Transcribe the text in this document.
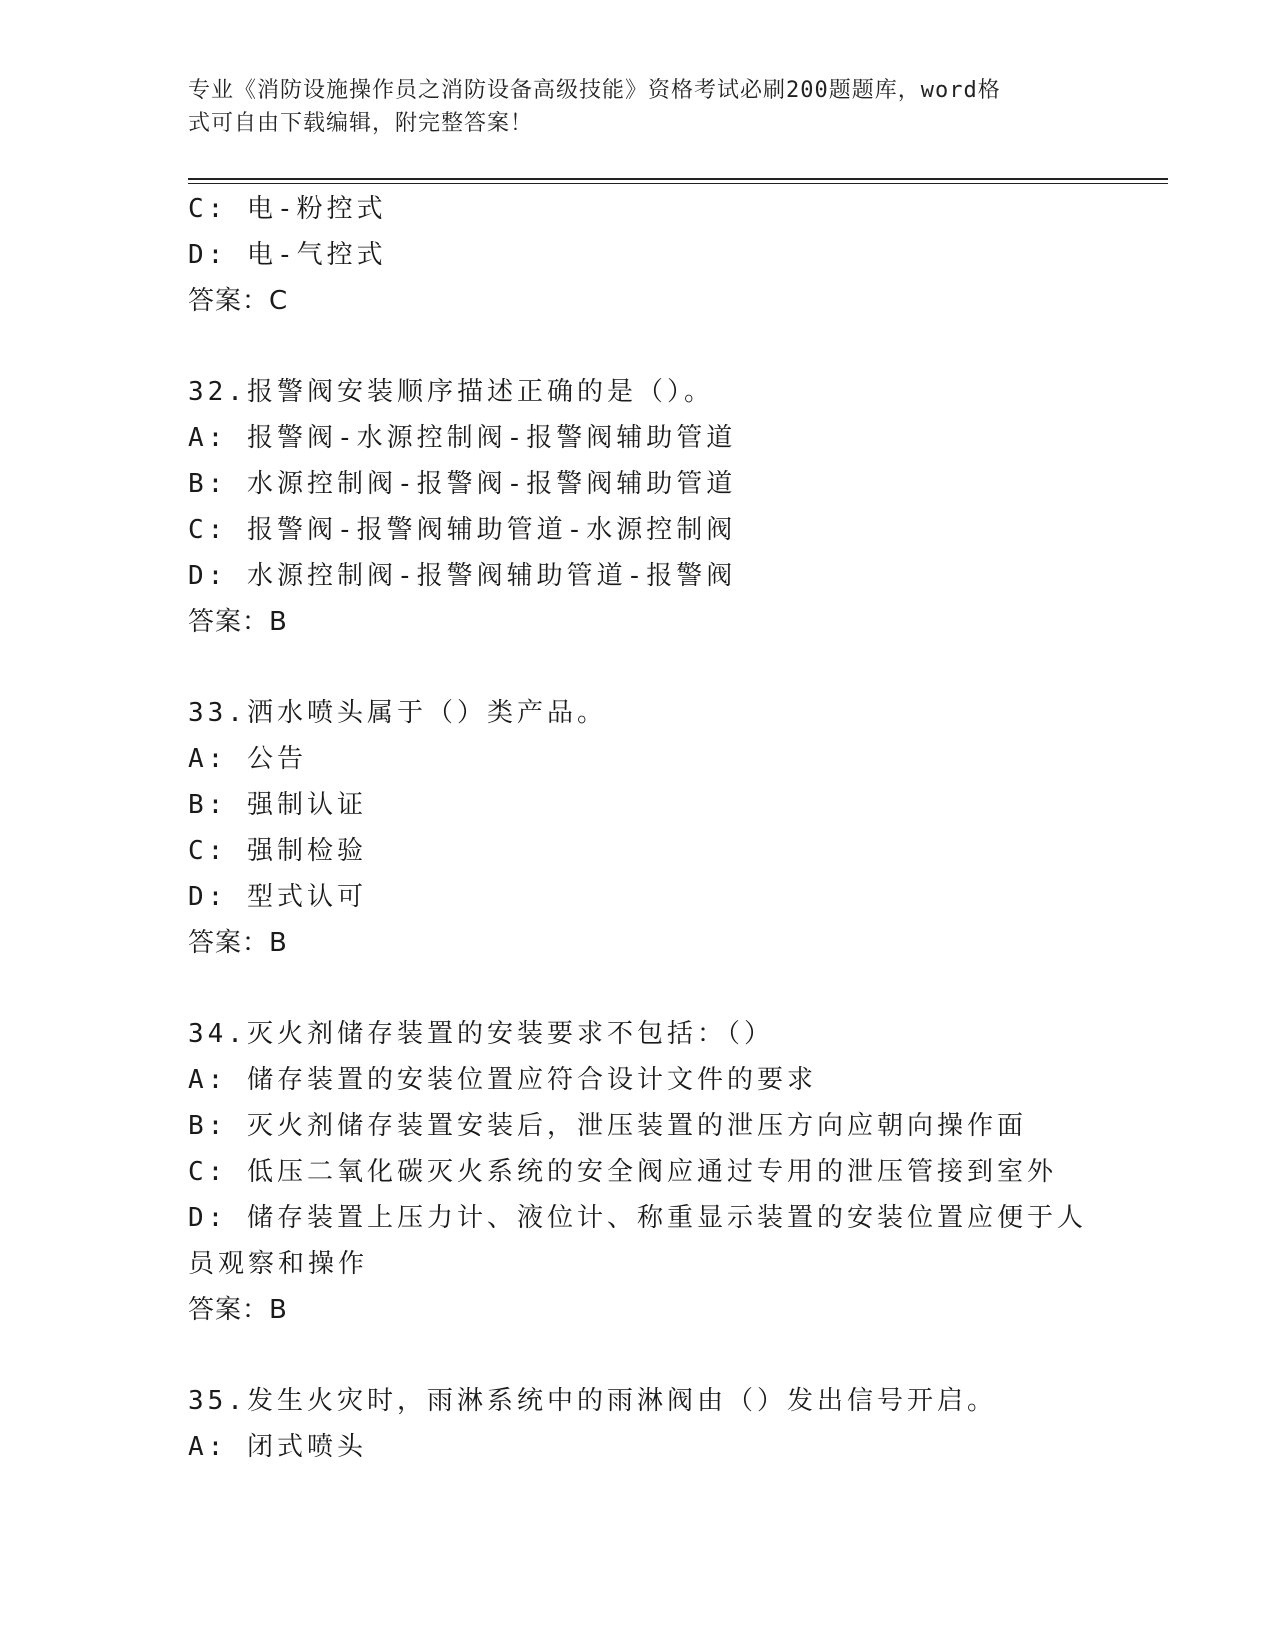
专业《消防设施操作员之消防设备高级技能》资格考试必刷200题题库，word格
式可自由下载编辑，附完整答案！

C: 电-粉控式

D: 电-气控式

答案：C

32.报警阀安装顺序描述正确的是（）。

A: 报警阀-水源控制阀-报警阀辅助管道

B: 水源控制阀-报警阀-报警阀辅助管道

C: 报警阀-报警阀辅助管道-水源控制阀

D: 水源控制阀-报警阀辅助管道-报警阀

答案：B

33.洒水喷头属于（）类产品。

A: 公告

B: 强制认证

C: 强制检验

D: 型式认可

答案：B

34.灭火剂储存装置的安装要求不包括：（）

A: 储存装置的安装位置应符合设计文件的要求

B: 灭火剂储存装置安装后，泄压装置的泄压方向应朝向操作面

C: 低压二氧化碳灭火系统的安全阀应通过专用的泄压管接到室外

D: 储存装置上压力计、液位计、称重显示装置的安装位置应便于人员观察和操作

答案：B

35.发生火灾时，雨淋系统中的雨淋阀由（）发出信号开启。

A: 闭式喷头
